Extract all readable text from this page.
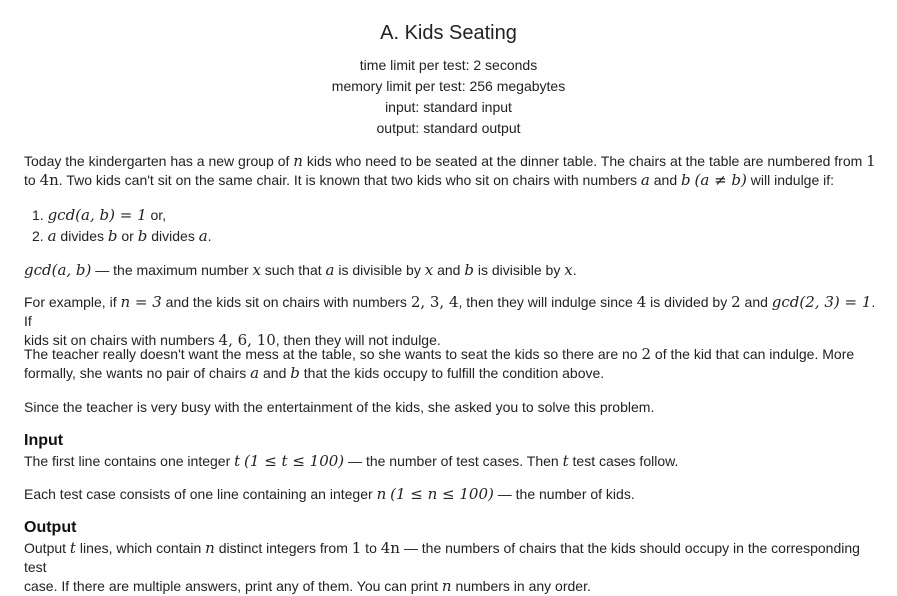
A. Kids Seating
time limit per test: 2 seconds
memory limit per test: 256 megabytes
input: standard input
output: standard output
Today the kindergarten has a new group of n kids who need to be seated at the dinner table. The chairs at the table are numbered from 1
to 4n. Two kids can't sit on the same chair. It is known that two kids who sit on chairs with numbers a and b (a ≠ b) will indulge if:
1. gcd(a, b) = 1 or,
2. a divides b or b divides a.
gcd(a, b) — the maximum number x such that a is divisible by x and b is divisible by x.
For example, if n = 3 and the kids sit on chairs with numbers 2, 3, 4, then they will indulge since 4 is divided by 2 and gcd(2, 3) = 1. If
kids sit on chairs with numbers 4, 6, 10, then they will not indulge.
The teacher really doesn't want the mess at the table, so she wants to seat the kids so there are no 2 of the kid that can indulge. More
formally, she wants no pair of chairs a and b that the kids occupy to fulfill the condition above.
Since the teacher is very busy with the entertainment of the kids, she asked you to solve this problem.
Input
The first line contains one integer t (1 ≤ t ≤ 100) — the number of test cases. Then t test cases follow.
Each test case consists of one line containing an integer n (1 ≤ n ≤ 100) — the number of kids.
Output
Output t lines, which contain n distinct integers from 1 to 4n — the numbers of chairs that the kids should occupy in the corresponding test
case. If there are multiple answers, print any of them. You can print n numbers in any order.
